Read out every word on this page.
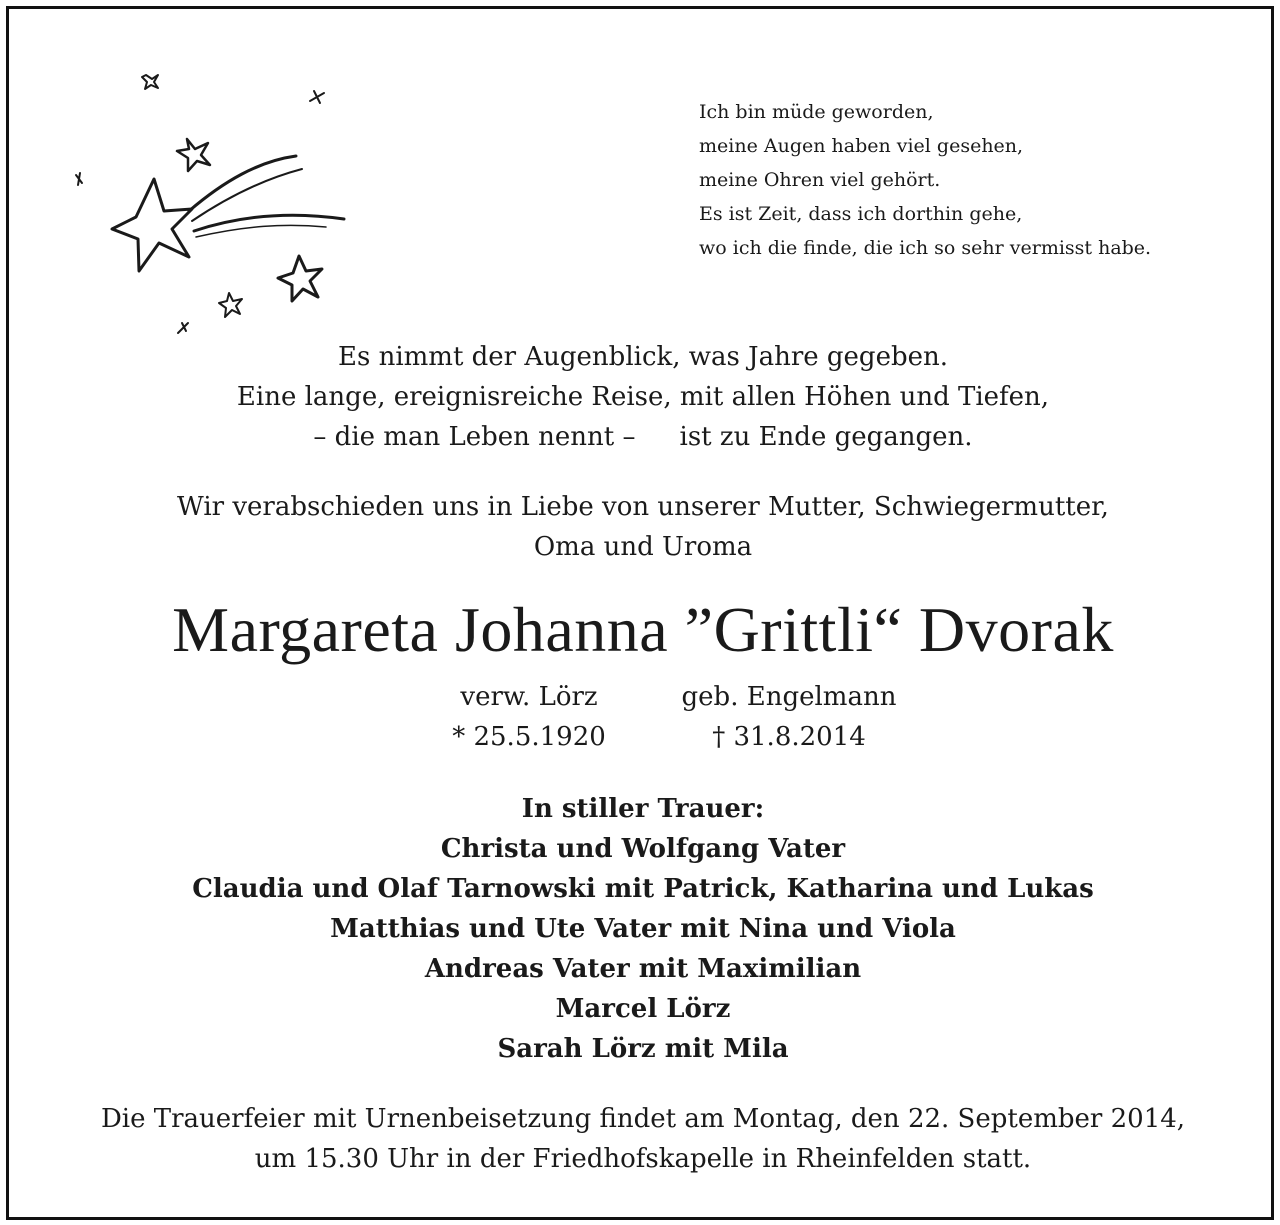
Ich bin müde geworden,
meine Augen haben viel gesehen,
meine Ohren viel gehört.
Es ist Zeit, dass ich dorthin gehe,
wo ich die finde, die ich so sehr vermisst habe.
Es nimmt der Augenblick, was Jahre gegeben.
Eine lange, ereignisreiche Reise, mit allen Höhen und Tiefen,
– die man Leben nennt – ist zu Ende gegangen.
Wir verabschieden uns in Liebe von unserer Mutter, Schwiegermutter,
Oma und Uroma
Margareta Johanna ”Grittli“ Dvorak
verw. Lörz	geb. Engelmann
* 25.5.1920	† 31.8.2014
In stiller Trauer:
Christa und Wolfgang Vater
Claudia und Olaf Tarnowski mit Patrick, Katharina und Lukas
Matthias und Ute Vater mit Nina und Viola
Andreas Vater mit Maximilian
Marcel Lörz
Sarah Lörz mit Mila
Die Trauerfeier mit Urnenbeisetzung findet am Montag, den 22. September 2014,
um 15.30 Uhr in der Friedhofskapelle in Rheinfelden statt.
